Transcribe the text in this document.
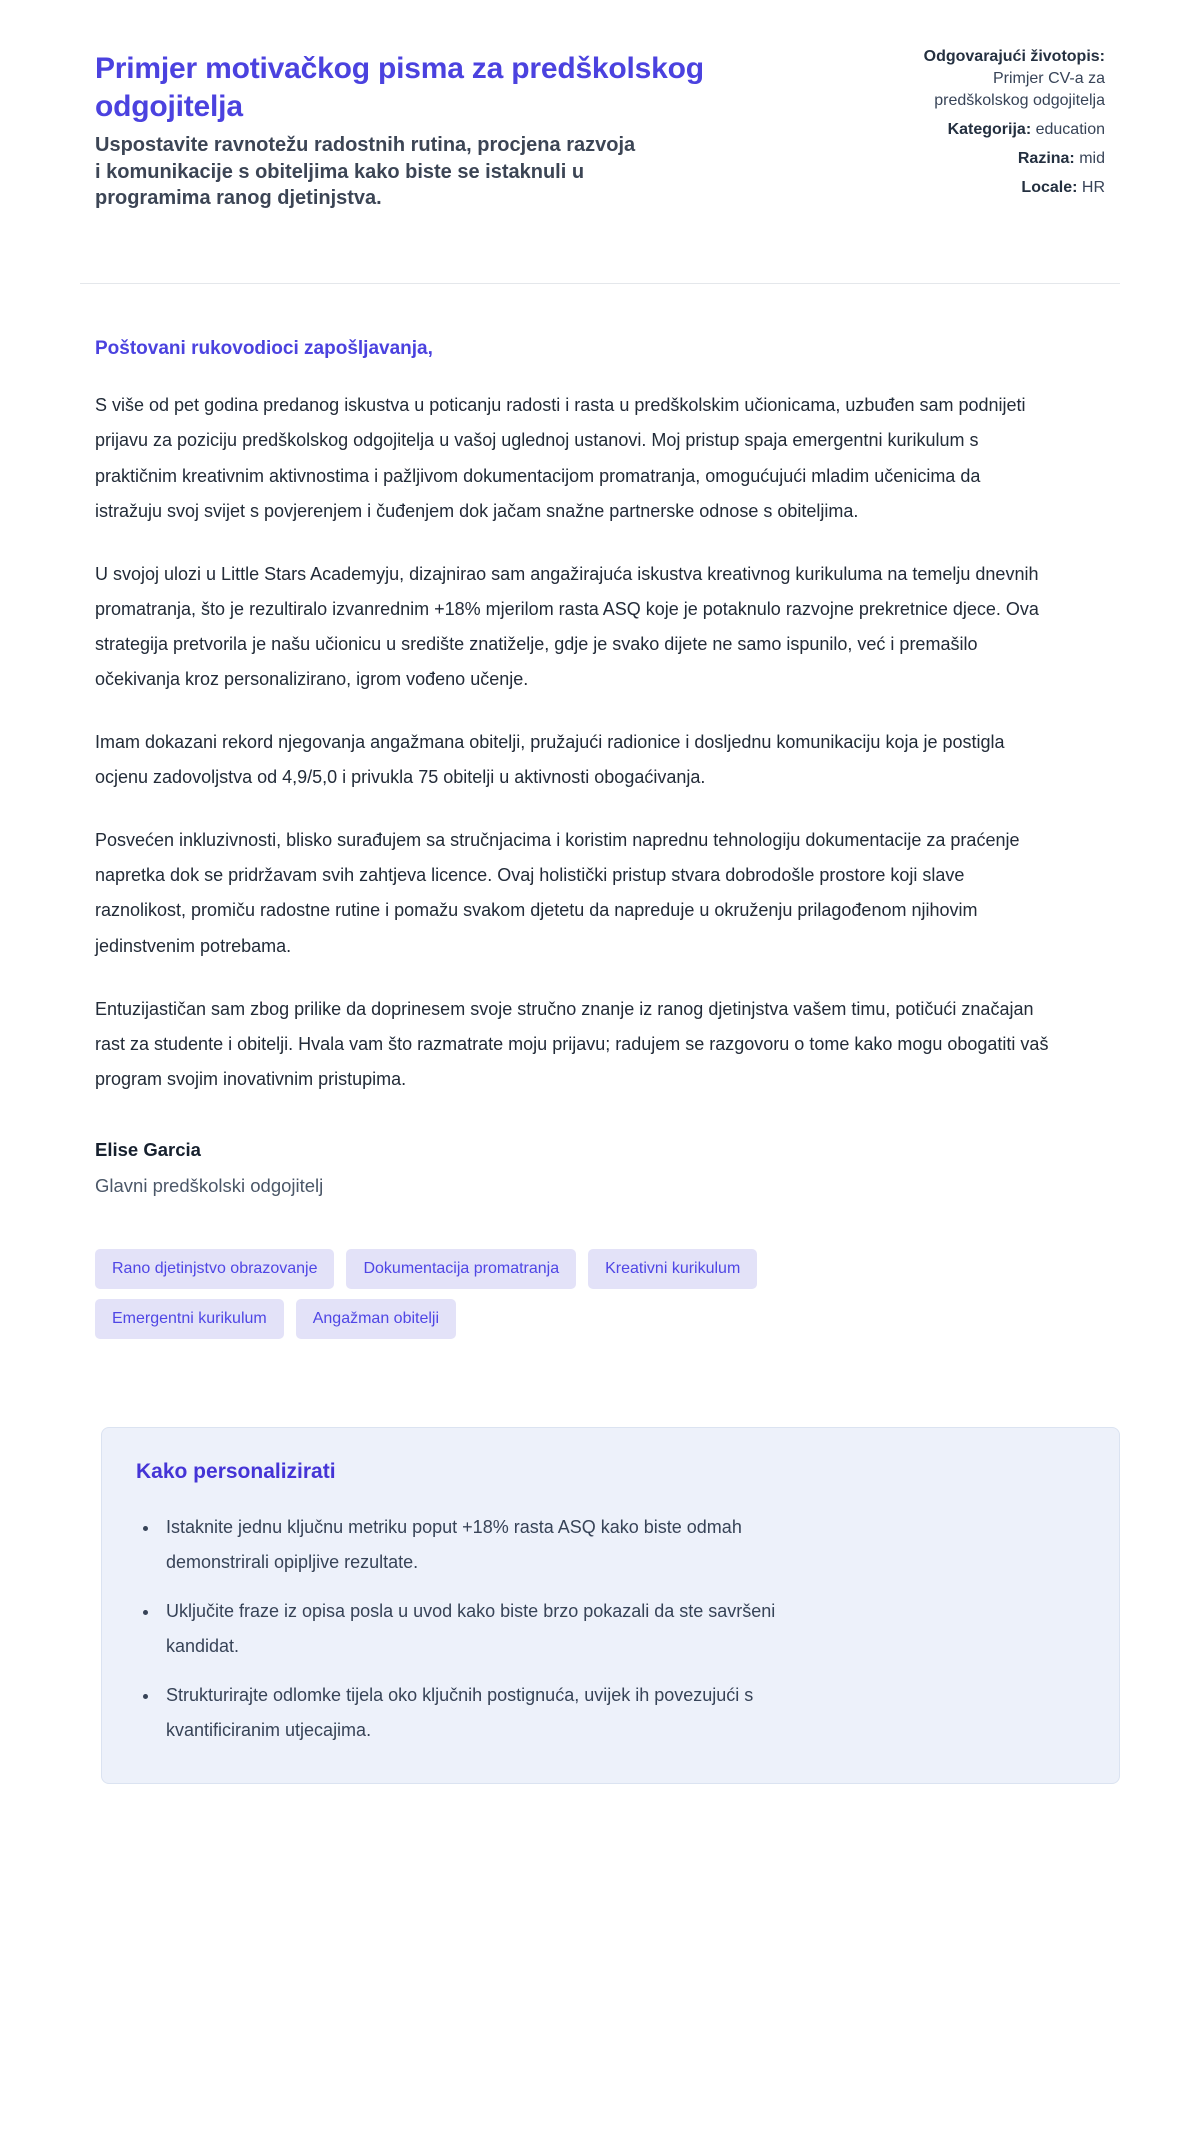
Primjer motivačkog pisma za predškolskog odgojitelja

Uspostavite ravnotežu radostnih rutina, procjena razvoja i komunikacije s obiteljima kako biste se istaknuli u programima ranog djetinjstva.

Odgovarajući životopis: Primjer CV-a za predškolskog odgojitelja
Kategorija: education
Razina: mid
Locale: HR

Poštovani rukovodioci zapošljavanja,

S više od pet godina predanog iskustva u poticanju radosti i rasta u predškolskim učionicama, uzbuđen sam podnijeti prijavu za poziciju predškolskog odgojitelja u vašoj uglednoj ustanovi. Moj pristup spaja emergentni kurikulum s praktičnim kreativnim aktivnostima i pažljivom dokumentacijom promatranja, omogućujući mladim učenicima da istražuju svoj svijet s povjerenjem i čuđenjem dok jačam snažne partnerske odnose s obiteljima.

U svojoj ulozi u Little Stars Academyju, dizajnirao sam angažirajuća iskustva kreativnog kurikuluma na temelju dnevnih promatranja, što je rezultiralo izvanrednim +18% mjerilom rasta ASQ koje je potaknulo razvojne prekretnice djece. Ova strategija pretvorila je našu učionicu u središte znatiželje, gdje je svako dijete ne samo ispunilo, već i premašilo očekivanja kroz personalizirano, igrom vođeno učenje.

Imam dokazani rekord njegovanja angažmana obitelji, pružajući radionice i dosljednu komunikaciju koja je postigla ocjenu zadovoljstva od 4,9/5,0 i privukla 75 obitelji u aktivnosti obogaćivanja.

Posvećen inkluzivnosti, blisko surađujem sa stručnjacima i koristim naprednu tehnologiju dokumentacije za praćenje napretka dok se pridržavam svih zahtjeva licence. Ovaj holistički pristup stvara dobrodošle prostore koji slave raznolikost, promiču radostne rutine i pomažu svakom djetetu da napreduje u okruženju prilagođenom njihovim jedinstvenim potrebama.

Entuzijastičan sam zbog prilike da doprinesem svoje stručno znanje iz ranog djetinjstva vašem timu, potičući značajan rast za studente i obitelji. Hvala vam što razmatrate moju prijavu; radujem se razgovoru o tome kako mogu obogatiti vaš program svojim inovativnim pristupima.

Elise Garcia

Glavni predškolski odgojitelj

Rano djetinjstvo obrazovanje	Dokumentacija promatranja	Kreativni kurikulum
Emergentni kurikulum	Angažman obitelji
Kako personalizirati
• Istaknite jednu ključnu metriku poput +18% rasta ASQ kako biste odmah demonstrirali opipljive rezultate.
• Uključite fraze iz opisa posla u uvod kako biste brzo pokazali da ste savršeni kandidat.
• Strukturirajte odlomke tijela oko ključnih postignuća, uvijek ih povezujući s kvantificiranim utjecajima.
